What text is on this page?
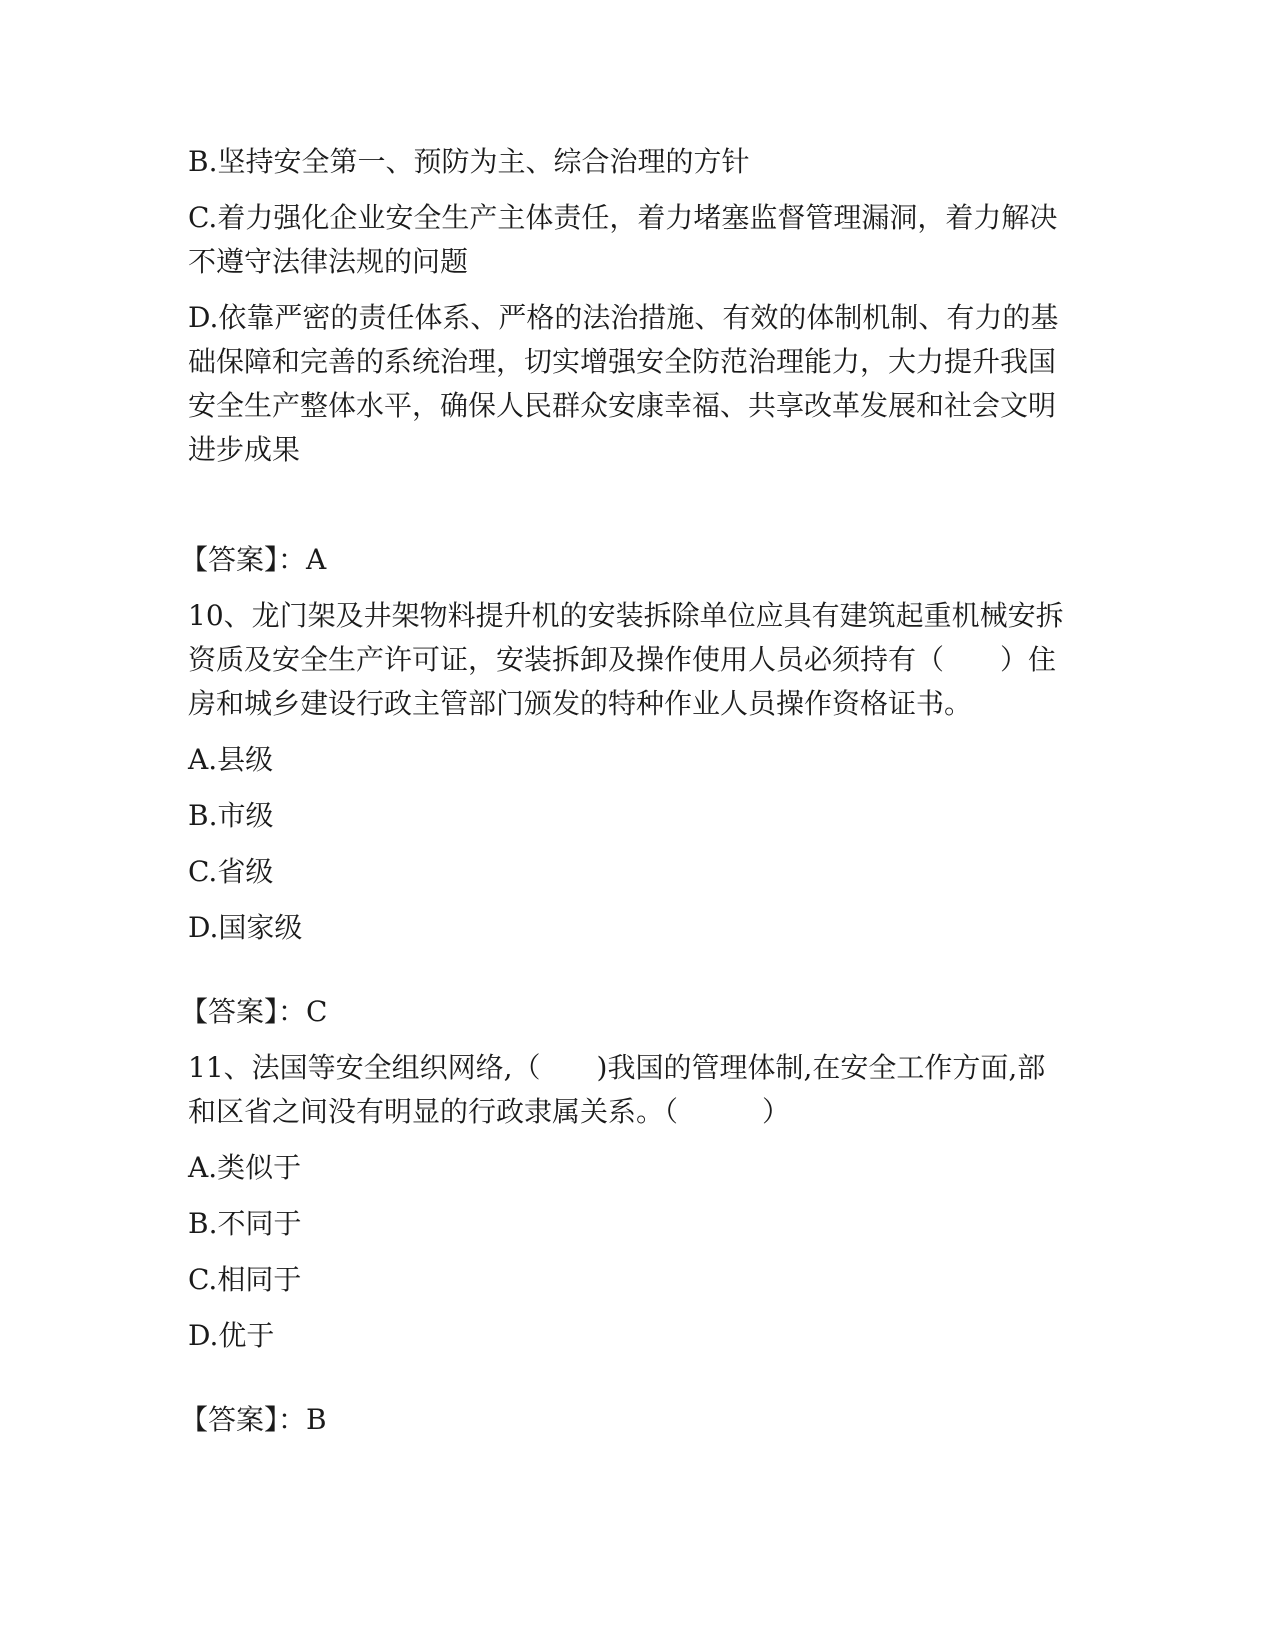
B.坚持安全第一、预防为主、综合治理的方针
C.着力强化企业安全生产主体责任，着力堵塞监督管理漏洞，着力解决不遵守法律法规的问题
D.依靠严密的责任体系、严格的法治措施、有效的体制机制、有力的基础保障和完善的系统治理，切实增强安全防范治理能力，大力提升我国安全生产整体水平，确保人民群众安康幸福、共享改革发展和社会文明进步成果
【答案】：A
10、龙门架及井架物料提升机的安装拆除单位应具有建筑起重机械安拆资质及安全生产许可证，安装拆卸及操作使用人员必须持有（　　）住房和城乡建设行政主管部门颁发的特种作业人员操作资格证书。
A.县级
B.市级
C.省级
D.国家级
【答案】：C
11、法国等安全组织网络,（　　)我国的管理体制,在安全工作方面,部和区省之间没有明显的行政隶属关系。（　　　）
A.类似于
B.不同于
C.相同于
D.优于
【答案】：B
